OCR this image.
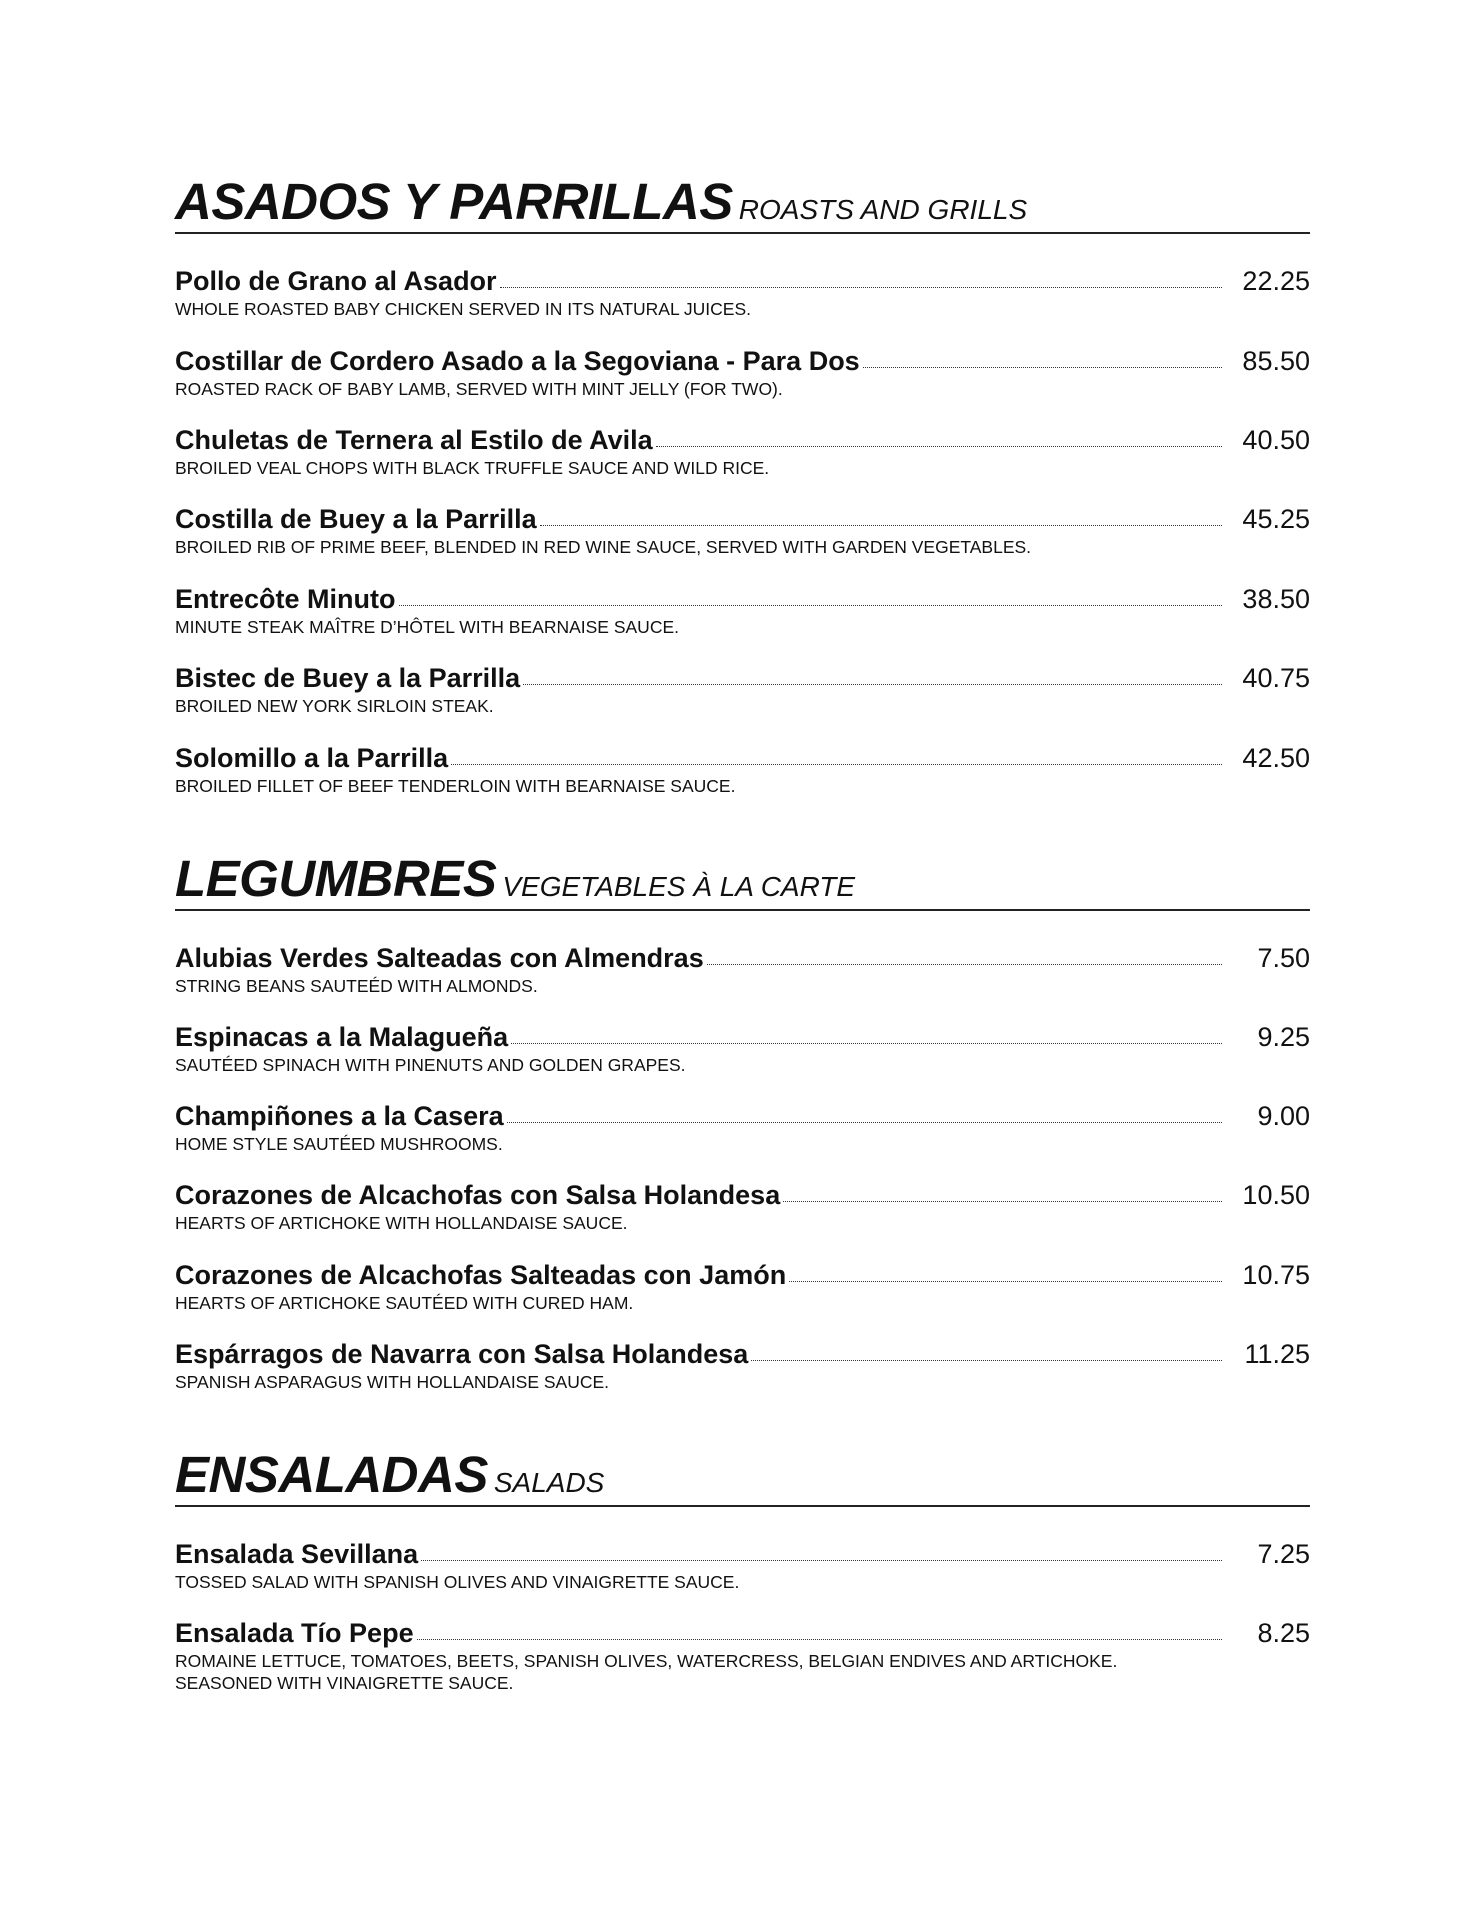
ASADOS Y PARRILLAS ROASTS AND GRILLS
Pollo de Grano al Asador	22.25
WHOLE ROASTED BABY CHICKEN SERVED IN ITS NATURAL JUICES.
Costillar de Cordero Asado a la Segoviana - Para Dos	85.50
ROASTED RACK OF BABY LAMB, SERVED WITH MINT JELLY (FOR TWO).
Chuletas de Ternera al Estilo de Avila	40.50
BROILED VEAL CHOPS WITH BLACK TRUFFLE SAUCE AND WILD RICE.
Costilla de Buey a la Parrilla	45.25
BROILED RIB OF PRIME BEEF, BLENDED IN RED WINE SAUCE, SERVED WITH GARDEN VEGETABLES.
Entrecôte Minuto	38.50
MINUTE STEAK MAÎTRE D’HÔTEL WITH BEARNAISE SAUCE.
Bistec de Buey a la Parrilla	40.75
BROILED NEW YORK SIRLOIN STEAK.
Solomillo a la Parrilla	42.50
BROILED FILLET OF BEEF TENDERLOIN WITH BEARNAISE SAUCE.
LEGUMBRES VEGETABLES À LA CARTE
Alubias Verdes Salteadas con Almendras	7.50
STRING BEANS SAUTEÉD WITH ALMONDS.
Espinacas a la Malagueña	9.25
SAUTÉED SPINACH WITH PINENUTS AND GOLDEN GRAPES.
Champiñones a la Casera	9.00
HOME STYLE SAUTÉED MUSHROOMS.
Corazones de Alcachofas con Salsa Holandesa	10.50
HEARTS OF ARTICHOKE WITH HOLLANDAISE SAUCE.
Corazones de Alcachofas Salteadas con Jamón	10.75
HEARTS OF ARTICHOKE SAUTÉED WITH CURED HAM.
Espárragos de Navarra con Salsa Holandesa	11.25
SPANISH ASPARAGUS WITH HOLLANDAISE SAUCE.
ENSALADAS SALADS
Ensalada Sevillana	7.25
TOSSED SALAD WITH SPANISH OLIVES AND VINAIGRETTE SAUCE.
Ensalada Tío Pepe	8.25
ROMAINE LETTUCE, TOMATOES, BEETS, SPANISH OLIVES, WATERCRESS, BELGIAN ENDIVES AND ARTICHOKE. SEASONED WITH VINAIGRETTE SAUCE.
